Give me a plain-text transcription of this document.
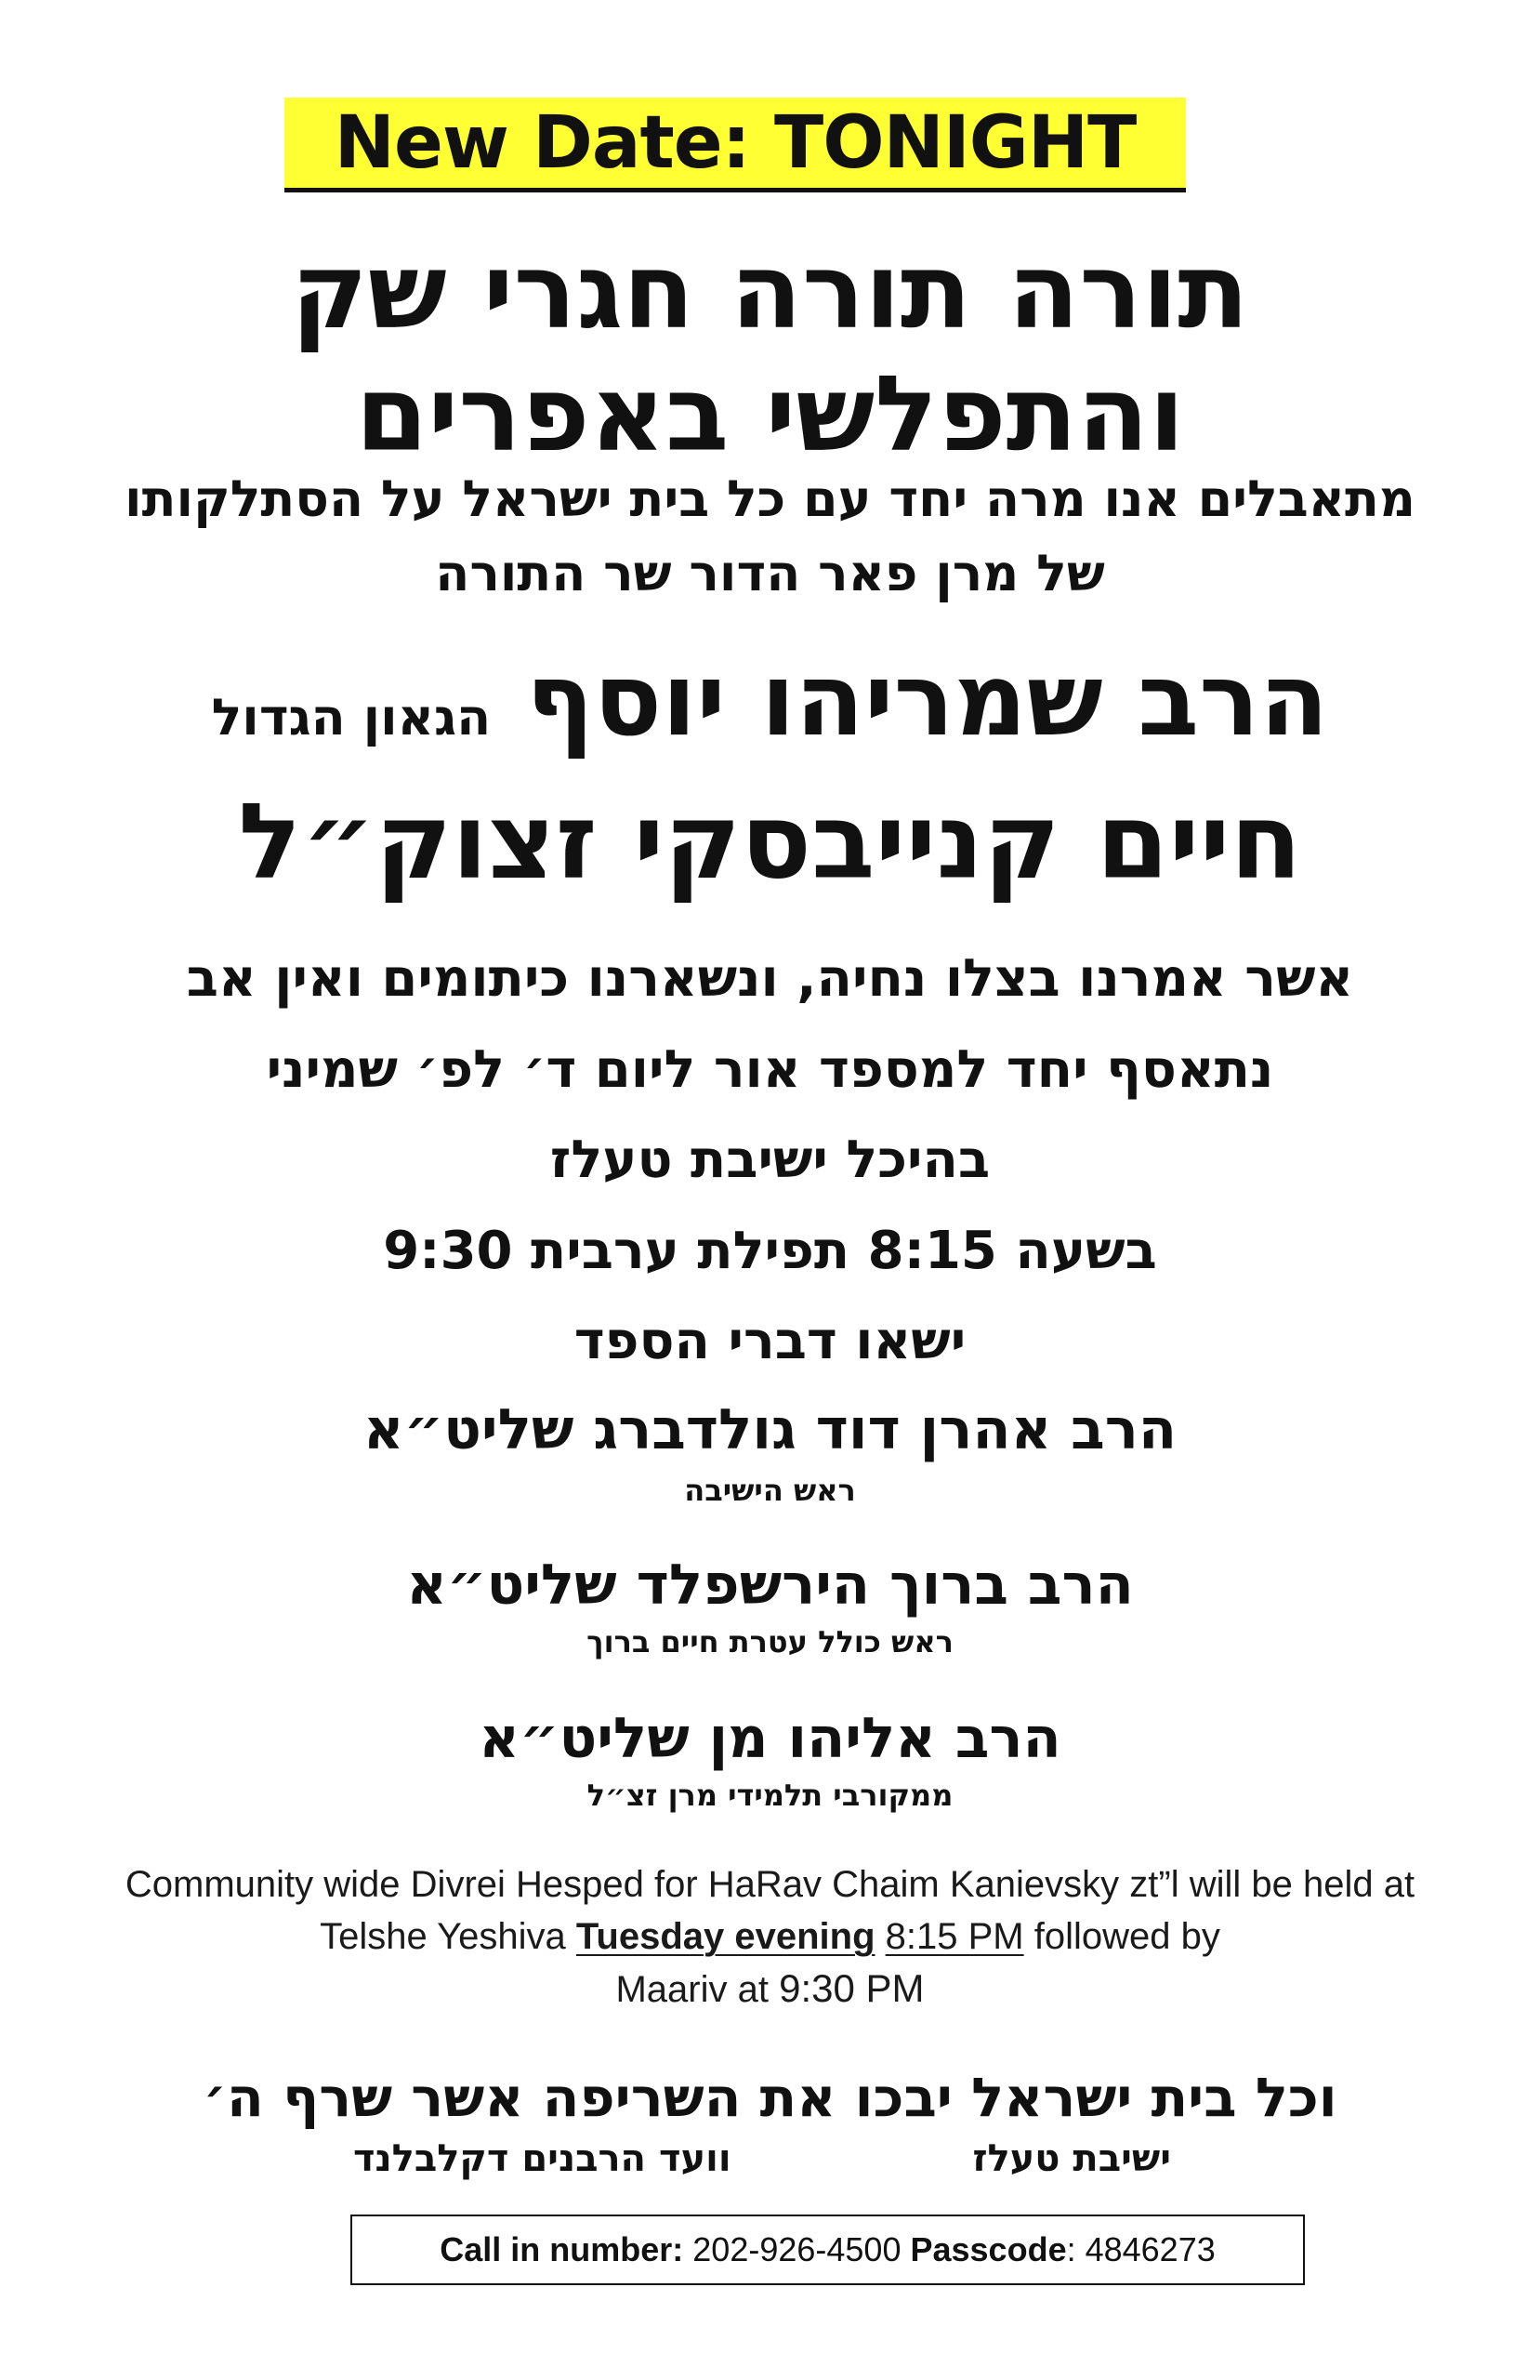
New Date: TONIGHT
תורה תורה חגרי שק
והתפלשי באפרים
מתאבלים אנו מרה יחד עם כל בית ישראל על הסתלקותו
של מרן פאר הדור שר התורה
הרב שמריהו יוסף הגאון הגדול
חיים קנייבסקי זצוק״ל
אשר אמרנו בצלו נחיה, ונשארנו כיתומים ואין אב
נתאסף יחד למספד אור ליום ד׳ לפ׳ שמיני
בהיכל ישיבת טעלז
בשעה 8:15 תפילת ערבית 9:30
ישאו דברי הספד
הרב אהרן דוד גולדברג שליט״א
ראש הישיבה
הרב ברוך הירשפלד שליט״א
ראש כולל עטרת חיים ברוך
הרב אליהו מן שליט״א
ממקורבי תלמידי מרן זצ״ל
Community wide Divrei Hesped for HaRav Chaim Kanievsky zt”l will be held at
Telshe Yeshiva Tuesday evening 8:15 PM followed by
Maariv at 9:30 PM
וכל בית ישראל יבכו את השריפה אשר שרף ה׳
ישיבת טעלז
וועד הרבנים דקלבלנד
Call in number: 202-926-4500 Passcode : 4846273
